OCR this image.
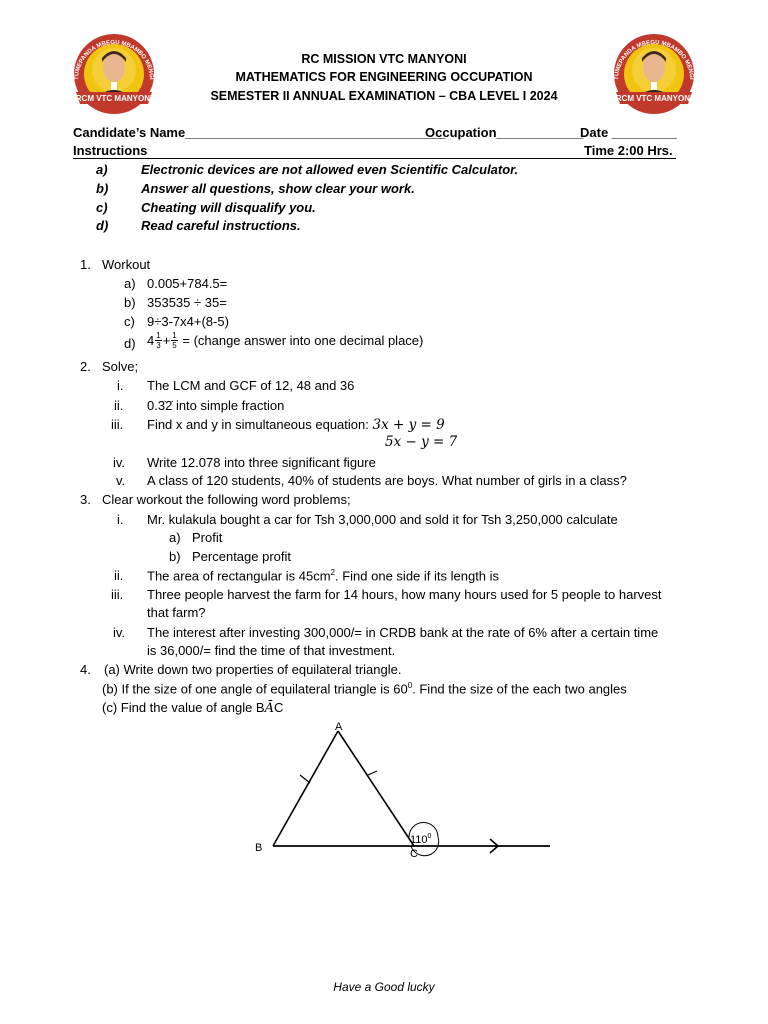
RCM VTC MANYONI
TUMEPANDA MBEGU MBAMBO MENGI
RCM VTC MANYONI
TUMEPANDA MBEGU MBAMBO MENGI
RC MISSION VTC MANYONI
MATHEMATICS FOR ENGINEERING OCCUPATION
SEMESTER II ANNUAL EXAMINATION – CBA LEVEL I 2024
Candidate’s Name____________________________________
Occupation____________
Date _________
Instructions	Time 2:00 Hrs.
a)	Electronic devices are not allowed even Scientific Calculator.
b)	Answer all questions, show clear your work.
c)	Cheating will disqualify you.
d)	Read careful instructions.
1. Workout
a) 0.005+784.5=
b) 353535 ÷ 35=
c) 9÷3-7x4+(8-5)
d) $4 \frac{1}{3} + \frac{1}{5}$ = (change answer into one decimal place)
2. Solve;
i. The LCM and GCF of 12, 48 and 36
ii. 0.3̇2̇ into simple fraction
iii. Find x and y in simultaneous equation: 3x + y = 9
5x − y = 7
iv. Write 12.078 into three significant figure
v. A class of 120 students, 40% of students are boys. What number of girls in a class?
3. Clear workout the following word problems;
i. Mr. kulakula bought a car for Tsh 3,000,000 and sold it for Tsh 3,250,000 calculate
a) Profit
b) Percentage profit
ii. The area of rectangular is $45cm^2$. Find one side if its length is
iii. Three people harvest the farm for 14 hours, how many hours used for 5 people to harvest
that farm?
iv. The interest after investing 300,000/= in CRDB bank at the rate of 6% after a certain time
is 36,000/= find the time of that investment.
4. (a) Write down two properties of equilateral triangle.
(b) If the size of one angle of equilateral triangle is $60^0$. Find the size of the each two angles
(c) Find the value of angle BĀC
A
B	C
$110^0$
Have a Good lucky
